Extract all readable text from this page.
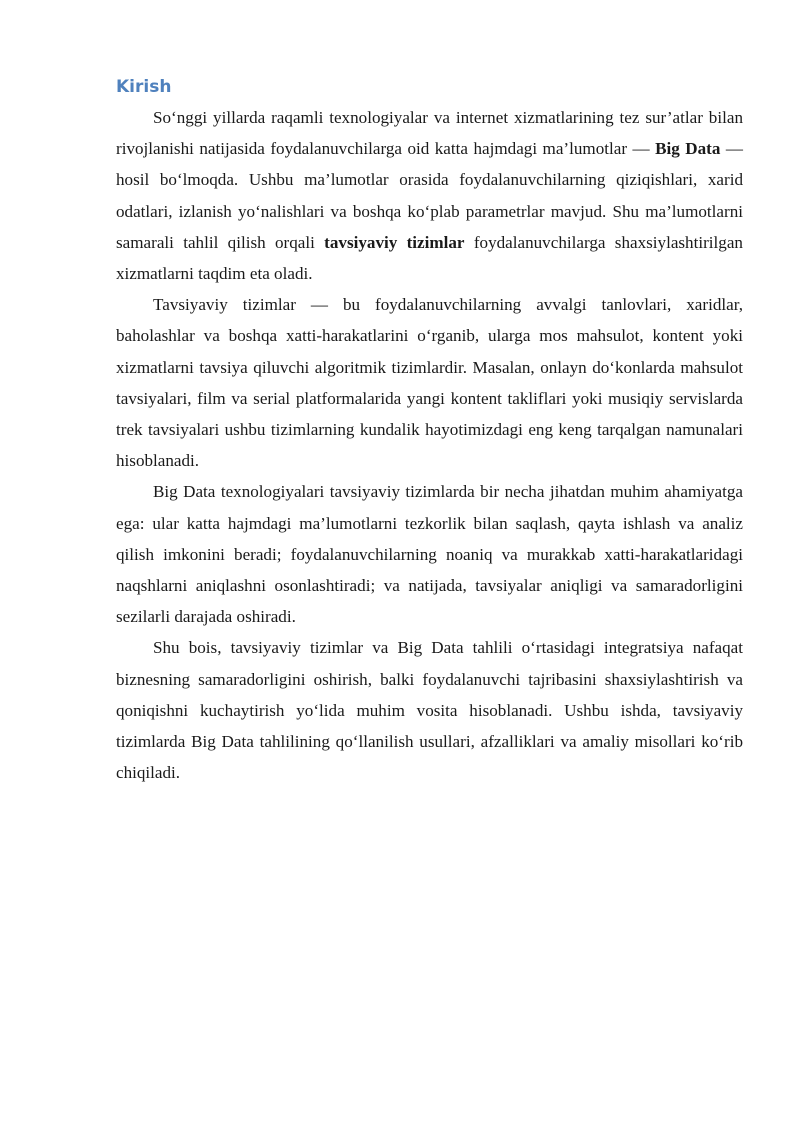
Kirish

So‘nggi yillarda raqamli texnologiyalar va internet xizmatlarining tez sur’atlar bilan rivojlanishi natijasida foydalanuvchilarga oid katta hajmdagi ma’lumotlar — Big Data — hosil bo‘lmoqda. Ushbu ma’lumotlar orasida foydalanuvchilarning qiziqishlari, xarid odatlari, izlanish yo‘nalishlari va boshqa ko‘plab parametrlar mavjud. Shu ma’lumotlarni samarali tahlil qilish orqali tavsiyaviy tizimlar foydalanuvchilarga shaxsiylashtirilgan xizmatlarni taqdim eta oladi.

Tavsiyaviy tizimlar — bu foydalanuvchilarning avvalgi tanlovlari, xaridlar, baholashlar va boshqa xatti-harakatlarini o‘rganib, ularga mos mahsulot, kontent yoki xizmatlarni tavsiya qiluvchi algoritmik tizimlardir. Masalan, onlayn do‘konlarda mahsulot tavsiyalari, film va serial platformalarida yangi kontent takliflari yoki musiqiy servislarda trek tavsiyalari ushbu tizimlarning kundalik hayotimizdagi eng keng tarqalgan namunalari hisoblanadi.

Big Data texnologiyalari tavsiyaviy tizimlarda bir necha jihatdan muhim ahamiyatga ega: ular katta hajmdagi ma’lumotlarni tezkorlik bilan saqlash, qayta ishlash va analiz qilish imkonini beradi; foydalanuvchilarning noaniq va murakkab xatti-harakatlaridagi naqshlarni aniqlashni osonlashtiradi; va natijada, tavsiyalar aniqligi va samaradorligini sezilarli darajada oshiradi.

Shu bois, tavsiyaviy tizimlar va Big Data tahlili o‘rtasidagi integratsiya nafaqat biznesning samaradorligini oshirish, balki foydalanuvchi tajribasini shaxsiylashtirish va qoniqishni kuchaytirish yo‘lida muhim vosita hisoblanadi. Ushbu ishda, tavsiyaviy tizimlarda Big Data tahlilining qo‘llanilish usullari, afzalliklari va amaliy misollari ko‘rib chiqiladi.
